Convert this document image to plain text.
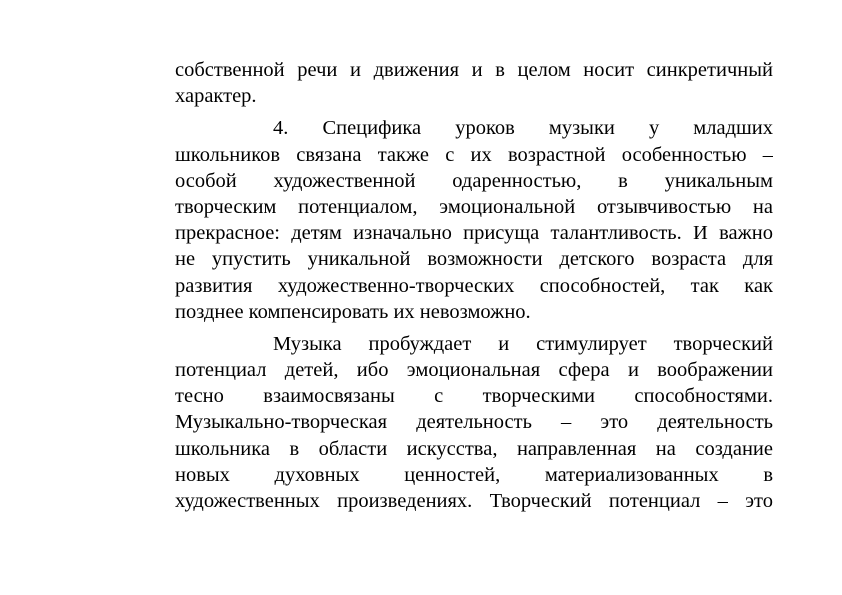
собственной речи и движения и в целом носит синкретичный
характер.
4. Специфика уроков музыки у младших
школьников связана также с их возрастной особенностью –
особой художественной одаренностью, в уникальным
творческим потенциалом, эмоциональной отзывчивостью на
прекрасное: детям изначально присуща талантливость. И важно
не упустить уникальной возможности детского возраста для
развития художественно-творческих способностей, так как
позднее компенсировать их невозможно.
Музыка пробуждает и стимулирует творческий
потенциал детей, ибо эмоциональная сфера и воображении
тесно взаимосвязаны с творческими способностями.
Музыкально-творческая деятельность – это деятельность
школьника в области искусства, направленная на создание
новых духовных ценностей, материализованных в
художественных произведениях. Творческий потенциал – это
